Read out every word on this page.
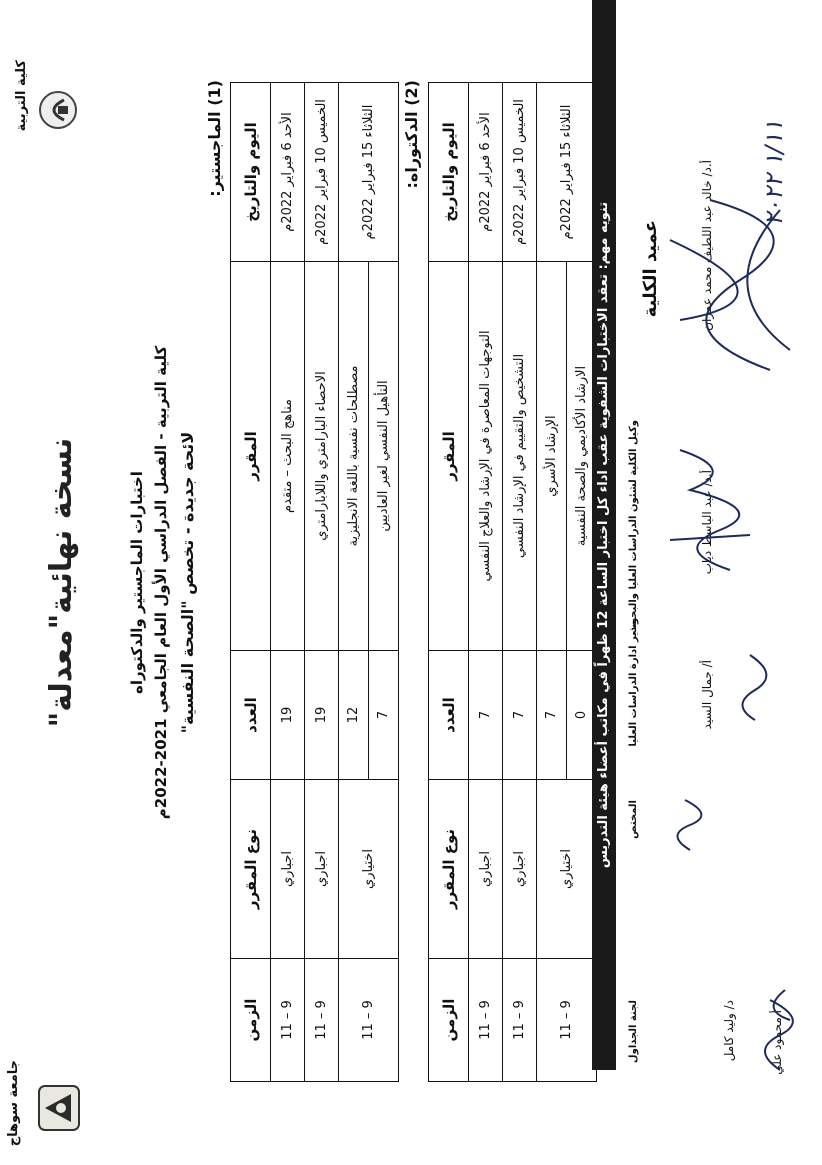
جامعة سوهاج
كلية التربية
نسخة نهائية"معدلة"	اختبارات الماجستير والدكتوراه
كلية التربية - الفصل الدراسي الأول العام الجامعي 2021-2022م لائحة جديدة - تخصص "الصحة النفسية"
(1) الماجستير:
اليوم والتاريخ	المقرر	العدد	نوع المقرر	الزمن
الأحد 6 فبراير 2022م	مناهج البحث – متقدم	19	اجباري	9 – 11
الخميس 10 فبراير 2022م	الاحصاء البارامتري واللابارامتري	19	اجباري	9 – 11
الثلاثاء 15 فبراير 2022م	مصطلحات نفسية باللغة الانجليزية	12	اختياري	9 – 11
	التأهيل النفسي لغير العاديين	7		
(2) الدكتوراه:
اليوم والتاريخ	المقرر	العدد	نوع المقرر	الزمن
الأحد 6 فبراير 2022م	التوجهات المعاصرة في الإرشاد والعلاج النفسي	7	اجباري	9 – 11
الخميس 10 فبراير 2022م	التشخيص والتقييم في الإرشاد النفسي	7	اجباري	9 – 11
الثلاثاء 15 فبراير 2022م	الإرشاد الأسري	7	اختياري	9 – 11
	الارشاد الأكاديمي والصحة النفسية	0		تنويه مهم: تعقد الاختبارات الشفوية عقب اداء كل اختبار الساعة 12 ظهراً في مكاتب أعضاء هيئة التدريس
لجنة الجداول	د/ وليد كامل	أ محمود علي
المختص
مدير ادارة الدراسات العليا	أ/ جمال السيد
وكيل الكلية لشئون الدراسات العليا والبحوث	أ.د/ عبد الباسط دياب
عميد الكلية	أ.د/ خالد عبد اللطيف محمد عمران ١/١١ ٢٠٢٢
